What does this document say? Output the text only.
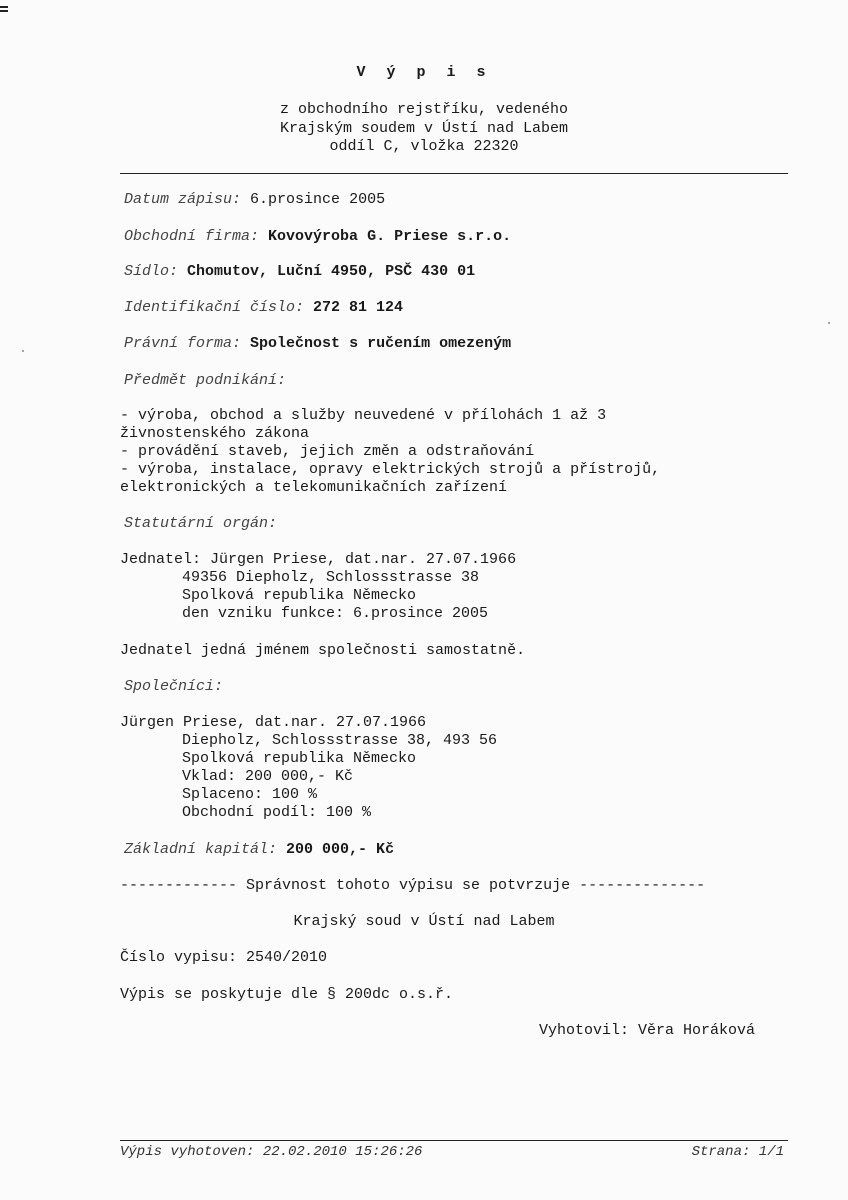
V ý p i s
z obchodního rejstříku, vedeného
Krajským soudem v Ústí nad Labem
oddíl C, vložka 22320
Datum zápisu: 6.prosince 2005
Obchodní firma: Kovovýroba G. Priese s.r.o.
Sídlo: Chomutov, Luční 4950, PSČ 430 01
Identifikační číslo: 272 81 124
Právní forma: Společnost s ručením omezeným
Předmět podnikání:
- výroba, obchod a služby neuvedené v přílohách 1 až 3
živnostenského zákona
- provádění staveb, jejich změn a odstraňování
- výroba, instalace, opravy elektrických strojů a přístrojů,
elektronických a telekomunikačních zařízení
Statutární orgán:
Jednatel: Jürgen Priese, dat.nar. 27.07.1966
49356 Diepholz, Schlossstrasse 38
Spolková republika Německo
den vzniku funkce: 6.prosince 2005
Jednatel jedná jménem společnosti samostatně.
Společníci:
Jürgen Priese, dat.nar. 27.07.1966
Diepholz, Schlossstrasse 38, 493 56
Spolková republika Německo
Vklad: 200 000,- Kč
Splaceno: 100 %
Obchodní podíl: 100 %
Základní kapitál: 200 000,- Kč
------------- Správnost tohoto výpisu se potvrzuje --------------
Krajský soud v Ústí nad Labem
Číslo vypisu: 2540/2010
Výpis se poskytuje dle § 200dc o.s.ř.
Vyhotovil: Věra Horáková
Výpis vyhotoven: 22.02.2010 15:26:26	Strana: 1/1
